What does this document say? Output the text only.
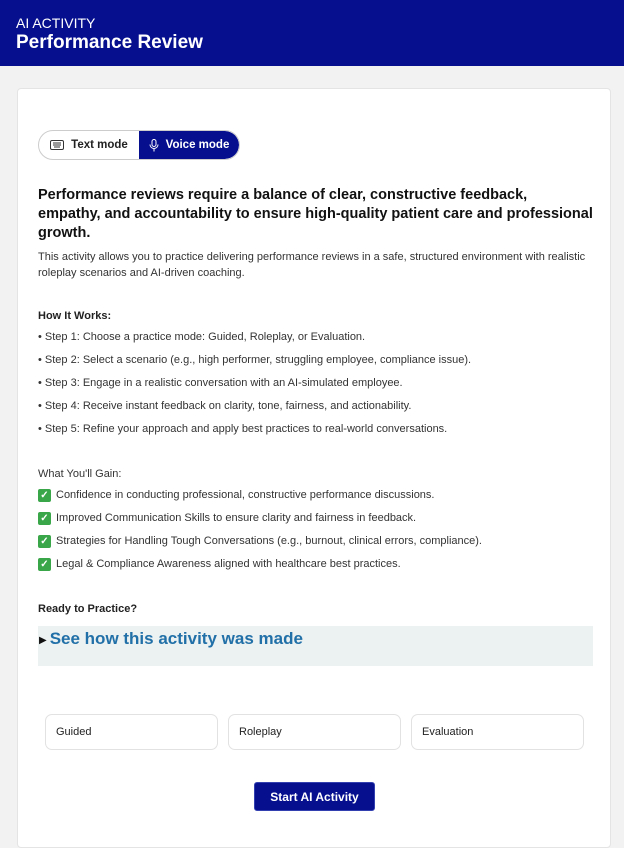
AI ACTIVITY
Performance Review
Text mode	Voice mode
Performance reviews require a balance of clear, constructive feedback, empathy, and accountability to ensure high-quality patient care and professional growth.

This activity allows you to practice delivering performance reviews in a safe, structured environment with realistic roleplay scenarios and AI-driven coaching.

How It Works:
• Step 1: Choose a practice mode: Guided, Roleplay, or Evaluation.
• Step 2: Select a scenario (e.g., high performer, struggling employee, compliance issue).
• Step 3: Engage in a realistic conversation with an AI-simulated employee.
• Step 4: Receive instant feedback on clarity, tone, fairness, and actionability.
• Step 5: Refine your approach and apply best practices to real-world conversations.
What You'll Gain:
✓ Confidence in conducting professional, constructive performance discussions.
✓ Improved Communication Skills to ensure clarity and fairness in feedback.
✓ Strategies for Handling Tough Conversations (e.g., burnout, clinical errors, compliance).
✓ Legal & Compliance Awareness aligned with healthcare best practices.
Ready to Practice?
▶ See how this activity was made
Guided	Roleplay	Evaluation
Start AI Activity
